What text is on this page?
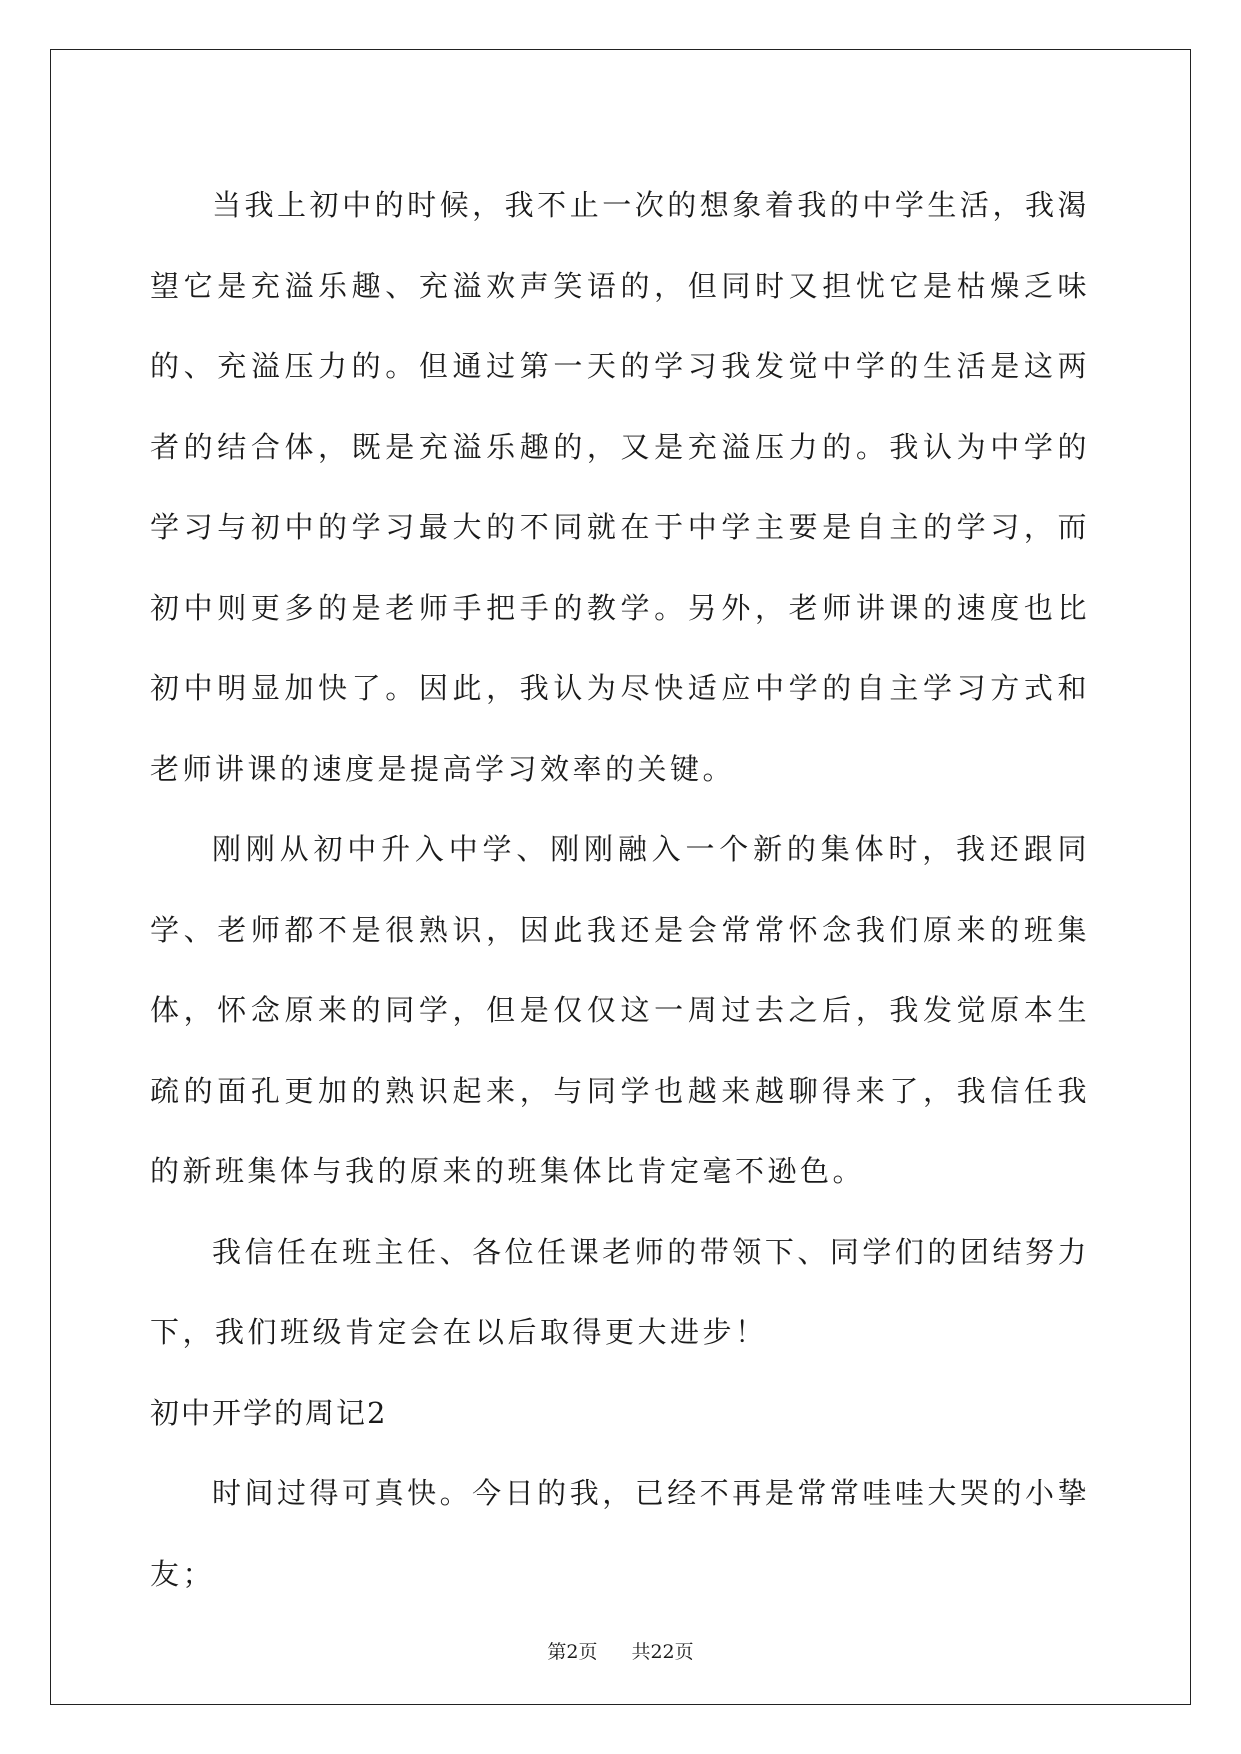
当我上初中的时候，我不止一次的想象着我的中学生活，我渴望它是充溢乐趣、充溢欢声笑语的，但同时又担忧它是枯燥乏味的、充溢压力的。但通过第一天的学习我发觉中学的生活是这两者的结合体，既是充溢乐趣的，又是充溢压力的。我认为中学的学习与初中的学习最大的不同就在于中学主要是自主的学习，而初中则更多的是老师手把手的教学。另外，老师讲课的速度也比初中明显加快了。因此，我认为尽快适应中学的自主学习方式和老师讲课的速度是提高学习效率的关键。

刚刚从初中升入中学、刚刚融入一个新的集体时，我还跟同学、老师都不是很熟识，因此我还是会常常怀念我们原来的班集体，怀念原来的同学，但是仅仅这一周过去之后，我发觉原本生疏的面孔更加的熟识起来，与同学也越来越聊得来了，我信任我的新班集体与我的原来的班集体比肯定毫不逊色。

我信任在班主任、各位任课老师的带领下、同学们的团结努力下，我们班级肯定会在以后取得更大进步！

初中开学的周记2

时间过得可真快。今日的我，已经不再是常常哇哇大哭的小挚友；

第2页 共22页
